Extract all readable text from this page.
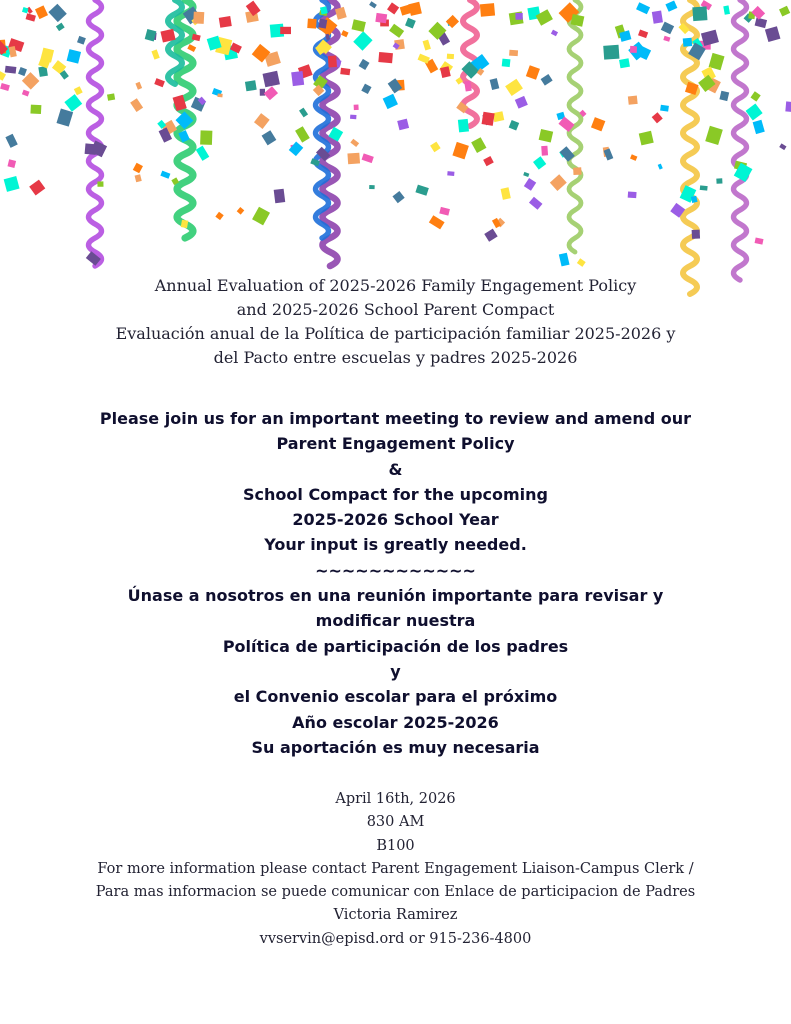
Annual Evaluation of 2025-2026 Family Engagement Policy
and 2025-2026 School Parent Compact
Evaluación anual de la Política de participación familiar 2025-2026 y
del Pacto entre escuelas y padres 2025-2026
Please join us for an important meeting to review and amend our
Parent Engagement Policy
&
School Compact for the upcoming
2025-2026 School Year
Your input is greatly needed.
~~~~~~~~~~~~
Únase a nosotros en una reunión importante para revisar y
modificar nuestra
Política de participación de los padres
y
el Convenio escolar para el próximo
Año escolar 2025-2026
Su aportación es muy necesaria
April 16th, 2026
830 AM
B100
For more information please contact Parent Engagement Liaison-Campus Clerk / Para mas informacion se puede comunicar con Enlace de participacion de Padres
Victoria Ramirez
vvservin@episd.ord or 915-236-4800
